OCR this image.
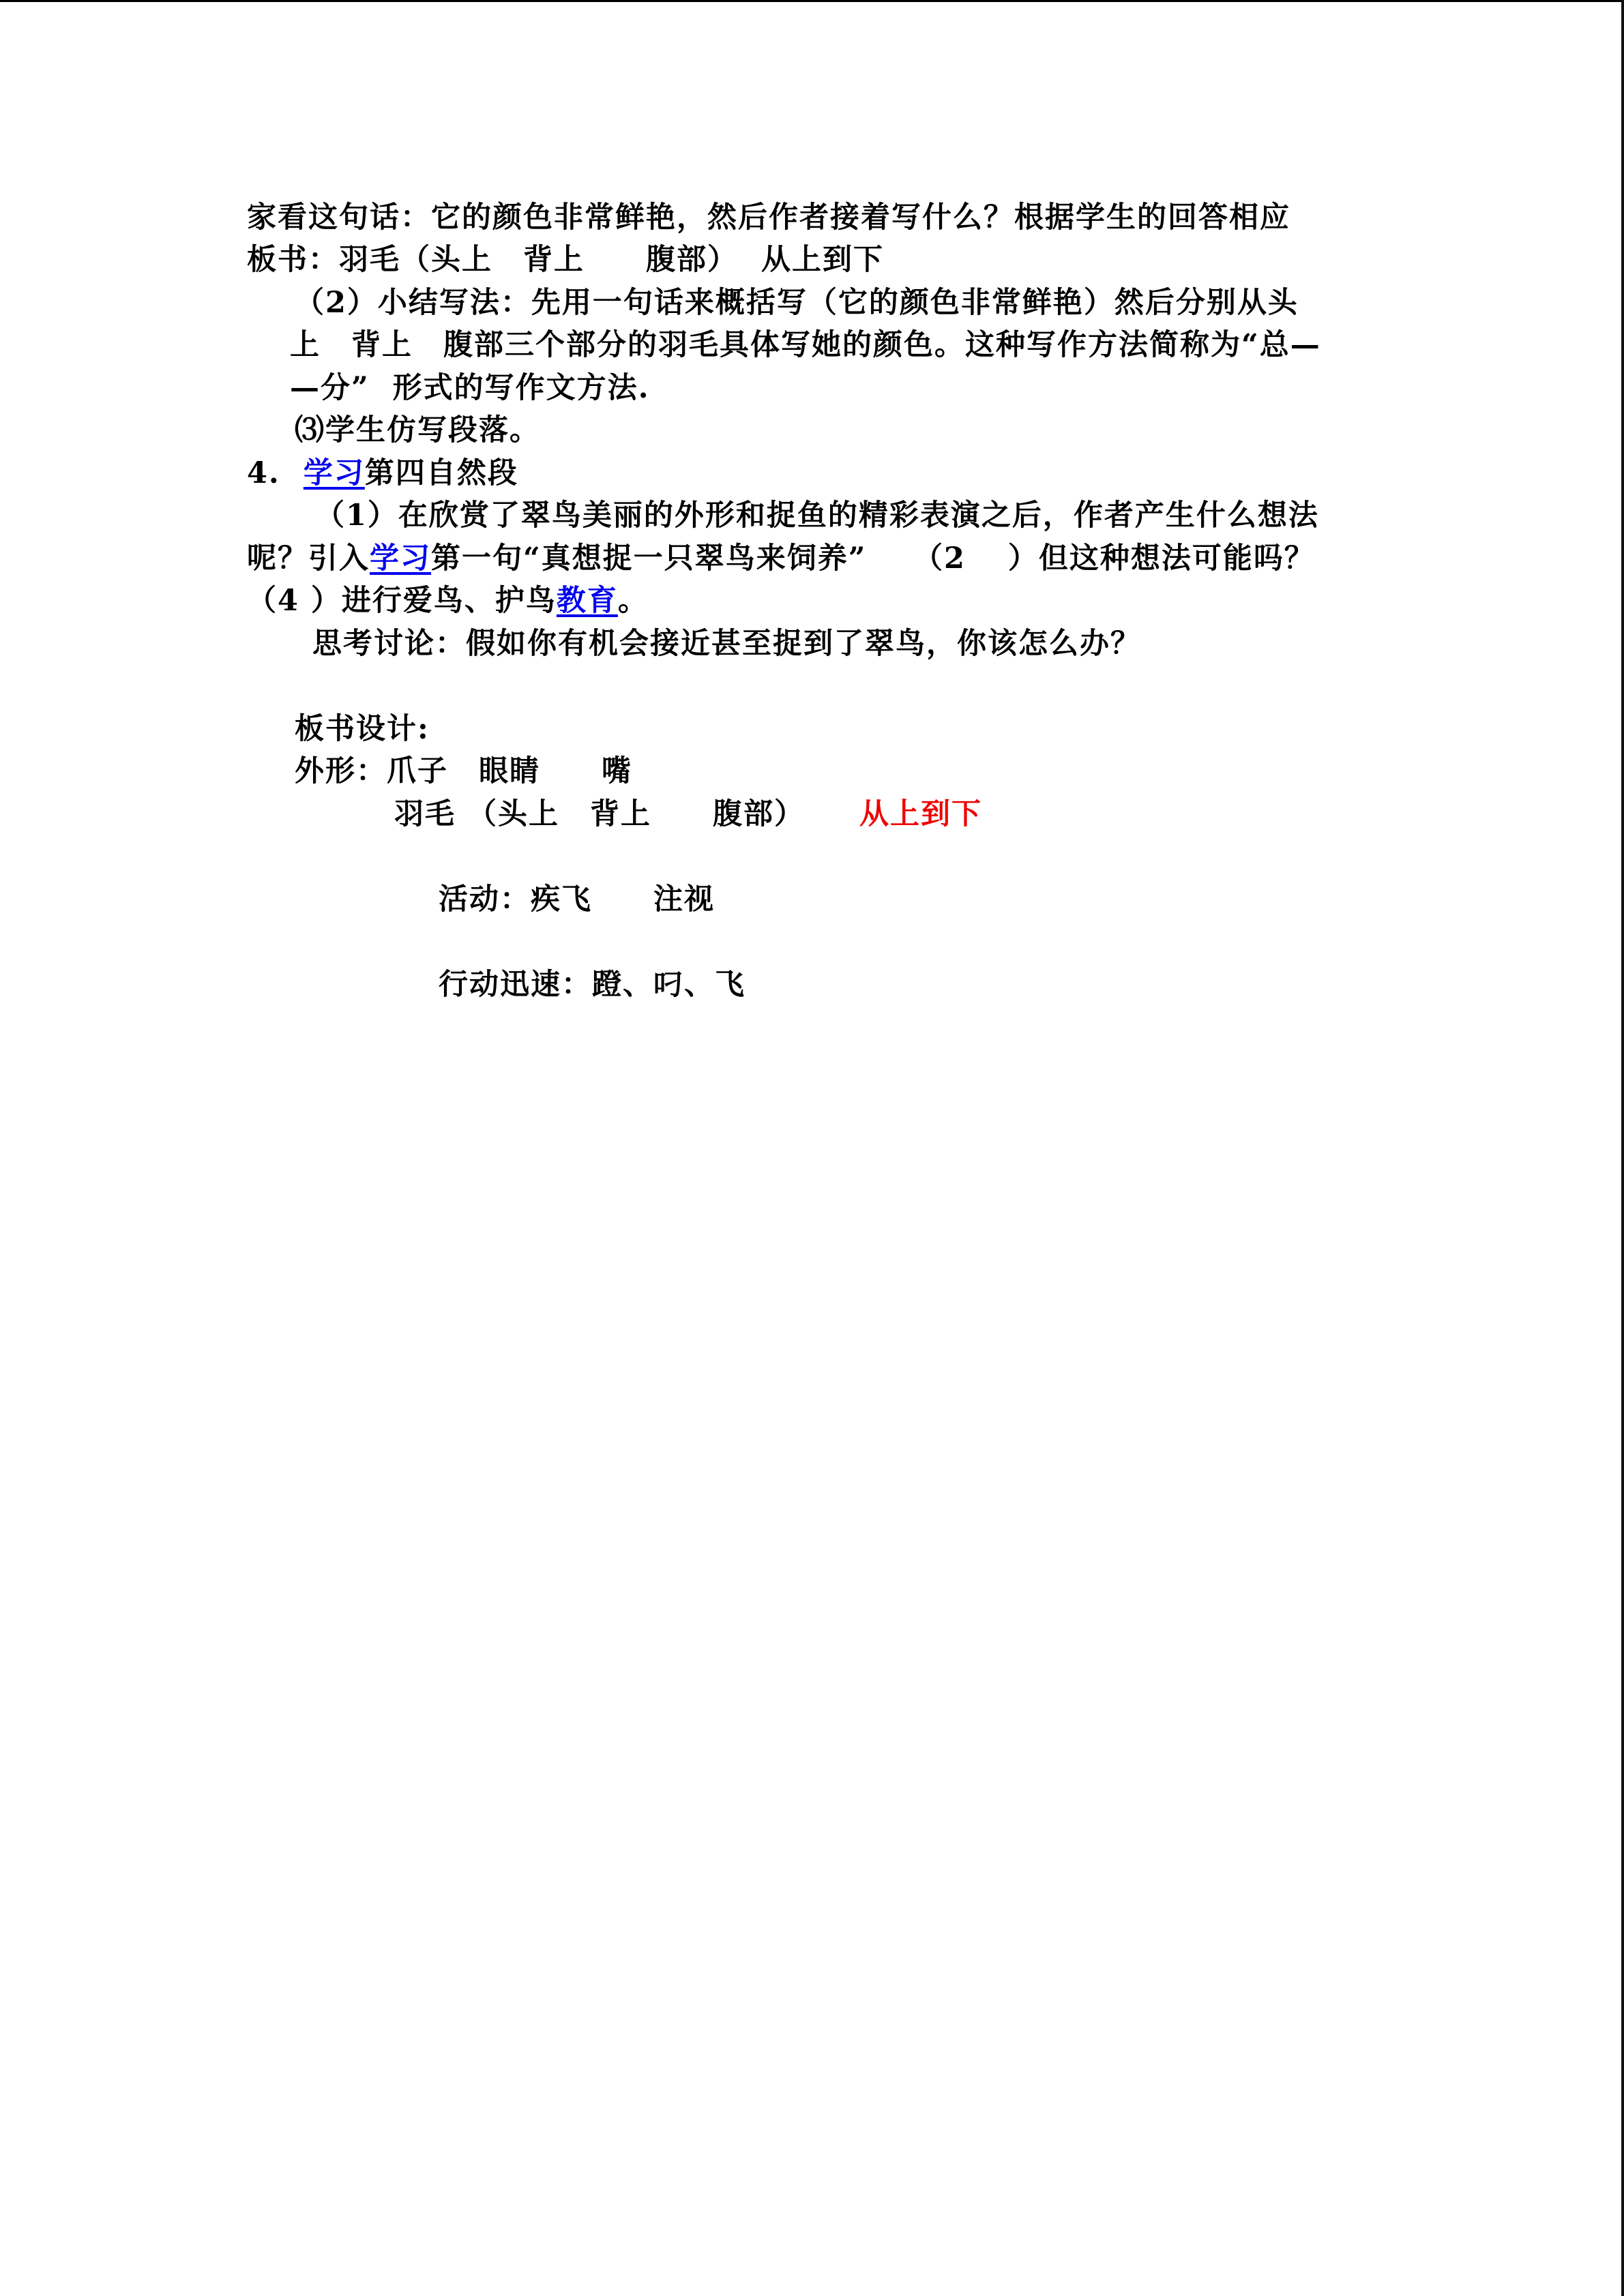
家看这句话：它的颜色非常鲜艳，然后作者接着写什么？根据学生的回答相应
板书：羽毛（头上　背上　　腹部）  从上到下
（2）小结写法：先用一句话来概括写（它的颜色非常鲜艳）然后分别从头
上　背上　腹部三个部分的羽毛具体写她的颜色。这种写作方法简称为“总—
—分”  形式的写作文方法.
⑶学生仿写段落。
4.  学习第四自然段
（1）在欣赏了翠鸟美丽的外形和捉鱼的精彩表演之后，作者产生什么想法
呢？引入学习第一句“真想捉一只翠鸟来饲养”　　（2　 ）但这种想法可能吗？
（4 ）进行爱鸟、护鸟教育。
思考讨论：假如你有机会接近甚至捉到了翠鸟，你该怎么办？
板书设计:
外形：爪子　眼睛　　嘴
羽毛 （头上　背上　　腹部） 从上到下
活动：疾飞　　注视
行动迅速：蹬、叼、飞
